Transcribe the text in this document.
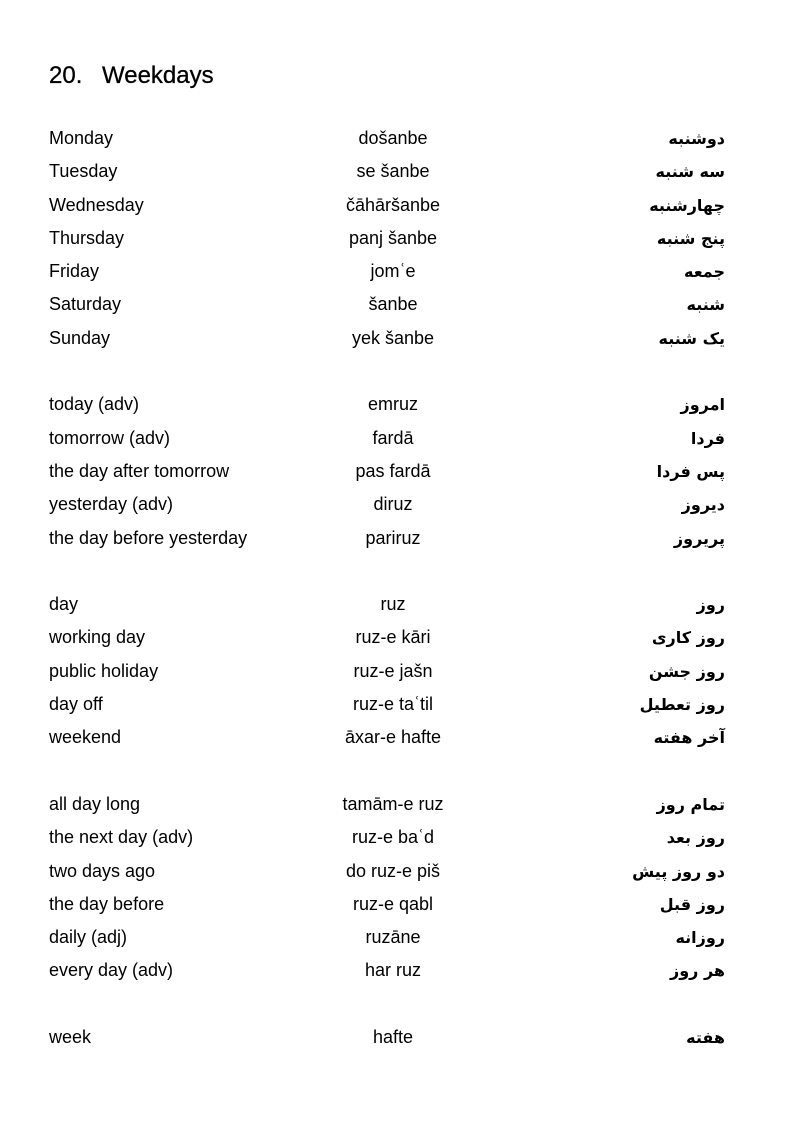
20. Weekdays
Monday	došanbe	دوشنبه
Tuesday	se šanbe	سه شنبه
Wednesday	čāhāršanbe	چهارشنبه
Thursday	panj šanbe	پنج شنبه
Friday	jomʿe	جمعه
Saturday	šanbe	شنبه
Sunday	yek šanbe	یک شنبه
today (adv)	emruz	امروز
tomorrow (adv)	fardā	فردا
the day after tomorrow	pas fardā	پس فردا
yesterday (adv)	diruz	دیروز
the day before yesterday	pariruz	پریروز
day	ruz	روز
working day	ruz-e kāri	روز کاری
public holiday	ruz-e jašn	روز جشن
day off	ruz-e taʿtil	روز تعطیل
weekend	āxar-e hafte	آخر هفته
all day long	tamām-e ruz	تمام روز
the next day (adv)	ruz-e baʿd	روز بعد
two days ago	do ruz-e piš	دو روز پیش
the day before	ruz-e qabl	روز قبل
daily (adj)	ruzāne	روزانه
every day (adv)	har ruz	هر روز
week	hafte	هفته
